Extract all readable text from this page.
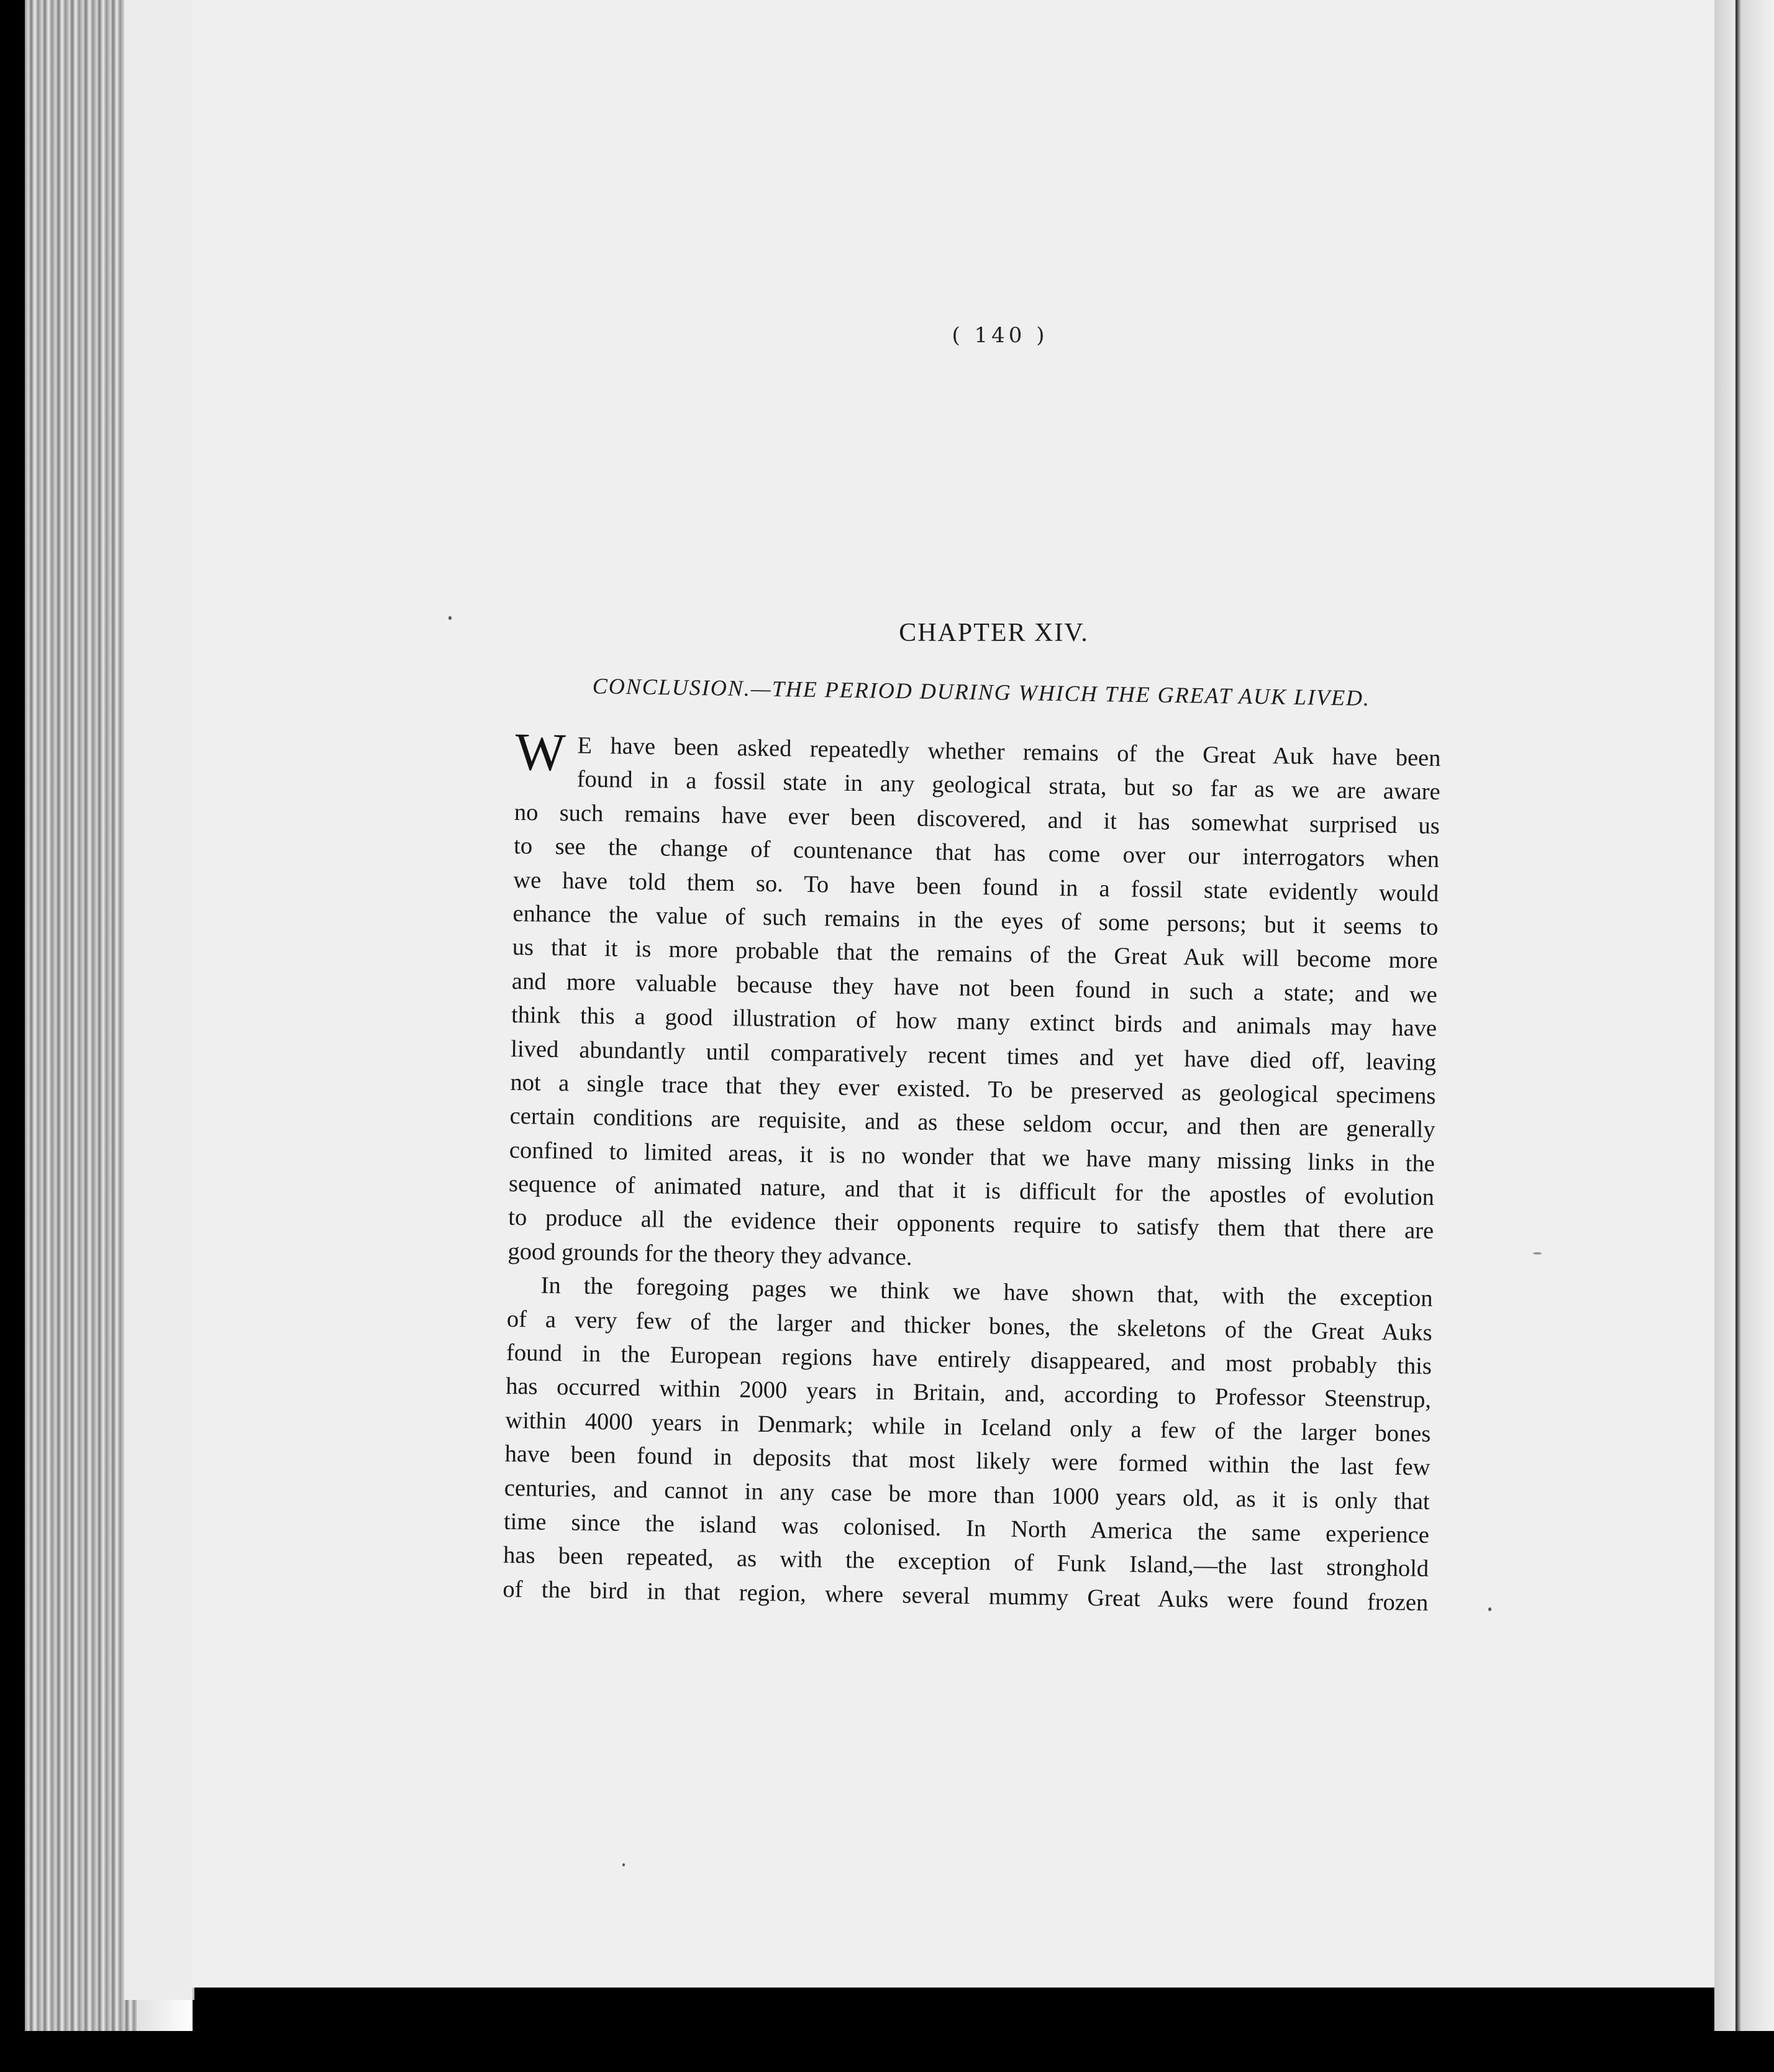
( 140 )
CHAPTER XIV.
CONCLUSION.—THE PERIOD DURING WHICH THE GREAT AUK LIVED.
W E have been asked repeatedly whether remains of the Great Auk have been
found in a fossil state in any geological strata, but so far as we are aware
no such remains have ever been discovered, and it has somewhat surprised us
to see the change of countenance that has come over our interrogators when
we have told them so. To have been found in a fossil state evidently would
enhance the value of such remains in the eyes of some persons; but it seems to
us that it is more probable that the remains of the Great Auk will become more
and more valuable because they have not been found in such a state; and we
think this a good illustration of how many extinct birds and animals may have
lived abundantly until comparatively recent times and yet have died off, leaving
not a single trace that they ever existed. To be preserved as geological specimens
certain conditions are requisite, and as these seldom occur, and then are generally
confined to limited areas, it is no wonder that we have many missing links in the
sequence of animated nature, and that it is difficult for the apostles of evolution
to produce all the evidence their opponents require to satisfy them that there are
good grounds for the theory they advance.
In the foregoing pages we think we have shown that, with the exception
of a very few of the larger and thicker bones, the skeletons of the Great Auks
found in the European regions have entirely disappeared, and most probably this
has occurred within 2000 years in Britain, and, according to Professor Steenstrup,
within 4000 years in Denmark; while in Iceland only a few of the larger bones
have been found in deposits that most likely were formed within the last few
centuries, and cannot in any case be more than 1000 years old, as it is only that
time since the island was colonised. In North America the same experience
has been repeated, as with the exception of Funk Island,—the last stronghold
of the bird in that region, where several mummy Great Auks were found frozen
